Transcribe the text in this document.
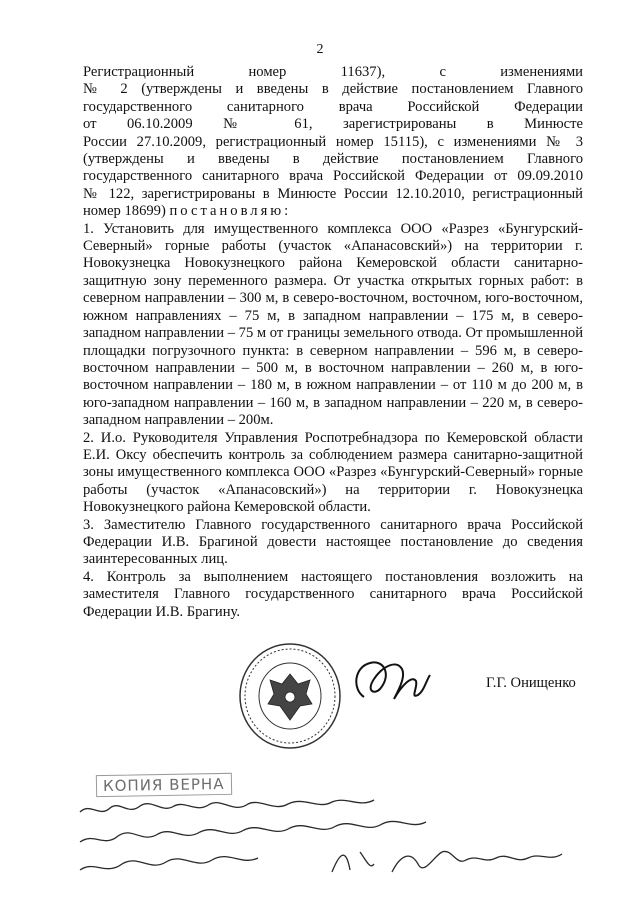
2

Регистрационный номер 11637), с изменениями

№ 2 (утверждены и введены в действие постановлением Главного

государственного санитарного врача Российской Федерации

от 06.10.2009 № 61, зарегистрированы в Минюсте

России 27.10.2009, регистрационный номер 15115), с изменениями № 3

(утверждены и введены в действие постановлением Главного

государственного санитарного врача Российской Федерации от 09.09.2010

№ 122, зарегистрированы в Минюсте России 12.10.2010, регистрационный

номер 18699) постановляю:

1. Установить для имущественного комплекса ООО «Разрез «Бунгурский-Северный» горные работы (участок «Апанасовский») на территории г. Новокузнецка Новокузнецкого района Кемеровской области санитарно-защитную зону переменного размера. От участка открытых горных работ: в северном направлении – 300 м, в северо-восточном, восточном, юго-восточном, южном направлениях – 75 м, в западном направлении – 175 м, в северо-западном направлении – 75 м от границы земельного отвода. От промышленной площадки погрузочного пункта: в северном направлении – 596 м, в северо-восточном направлении – 500 м, в восточном направлении – 260 м, в юго-восточном направлении – 180 м, в южном направлении – от 110 м до 200 м, в юго-западном направлении – 160 м, в западном направлении – 220 м, в северо-западном направлении – 200м.

2. И.о. Руководителя Управления Роспотребнадзора по Кемеровской области Е.И. Оксу обеспечить контроль за соблюдением размера санитарно-защитной зоны имущественного комплекса ООО «Разрез «Бунгурский-Северный» горные работы (участок «Апанасовский») на территории г. Новокузнецка Новокузнецкого района Кемеровской области.

3. Заместителю Главного государственного санитарного врача Российской Федерации И.В. Брагиной довести настоящее постановление до сведения заинтересованных лиц.

4. Контроль за выполнением настоящего постановления возложить на заместителя Главного государственного санитарного врача Российской Федерации И.В. Брагину.

Г.Г. Онищенко
КОПИЯ ВЕРНА
